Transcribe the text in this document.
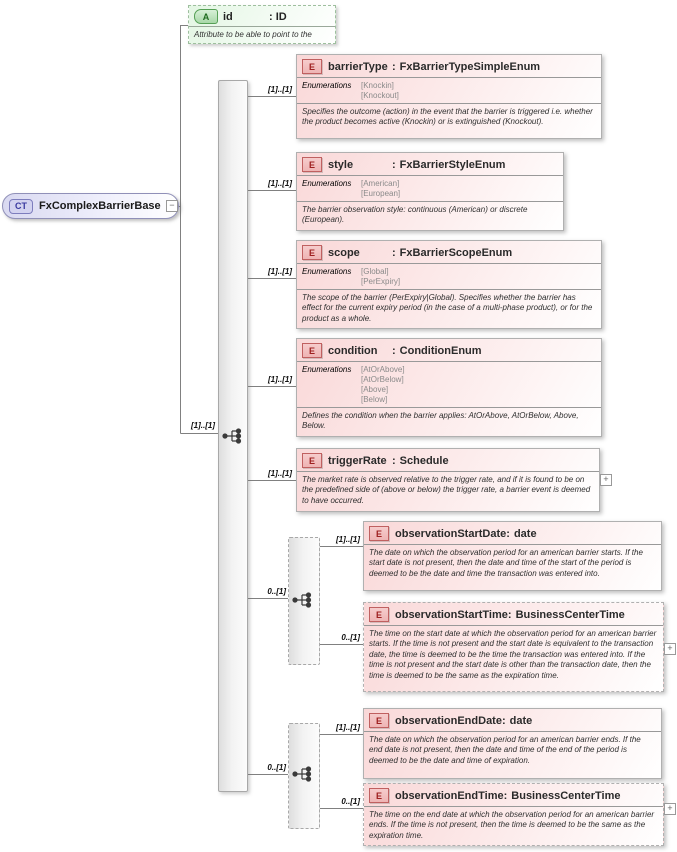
CT	FxComplexBarrierBase −
A	id	: ID
Attribute to be able to point to the
[1]..[1]
[1]..[1]
[1]..[1]
[1]..[1]
[1]..[1]
[1]..[1]
0..[1]
0..[1]
[1]..[1]
0..[1]
[1]..[1]
0..[1]
E	barrierType : FxBarrierTypeSimpleEnum
Enumerations	[Knockin]
[Knockout]
Specifies the outcome (action) in the event that the barrier is triggered i.e. whether the product becomes active (Knockin) or is extinguished (Knockout).
E	style	: FxBarrierStyleEnum
Enumerations	[American]
[European]
The barrier observation style: continuous (American) or discrete (European).
E	scope	: FxBarrierScopeEnum
Enumerations	[Global]
[PerExpiry]
The scope of the barrier (PerExpiry|Global). Specifies whether the barrier has effect for the current expiry period (in the case of a multi-phase product), or for the product as a whole.
E	condition : ConditionEnum
Enumerations	[AtOrAbove]
[AtOrBelow]
[Above]
[Below]
Defines the condition when the barrier applies: AtOrAbove, AtOrBelow, Above, Below.
E	triggerRate : Schedule
The market rate is observed relative to the trigger rate, and if it is found to be on the predefined side of (above or below) the trigger rate, a barrier event is deemed to have occurred.
+
E	observationStartDate: date
The date on which the observation period for an american barrier starts. If the start date is not present, then the date and time of the start of the period is deemed to be the date and time the transaction was entered into.
E	observationStartTime: BusinessCenterTime
The time on the start date at which the observation period for an american barrier starts. If the time is not present and the start date is equivalent to the transaction date, the time is deemed to be the time the transaction was entered into. If the time is not present and the start date is other than the transaction date, then the time is deemed to be the same as the expiration time.
+
E	observationEndDate: date
The date on which the observation period for an american barrier ends. If the end date is not present, then the date and time of the end of the period is deemed to be the date and time of expiration.
E	observationEndTime: BusinessCenterTime
The time on the end date at which the observation period for an american barrier ends. If the time is not present, then the time is deemed to be the same as the expiration time.
+
